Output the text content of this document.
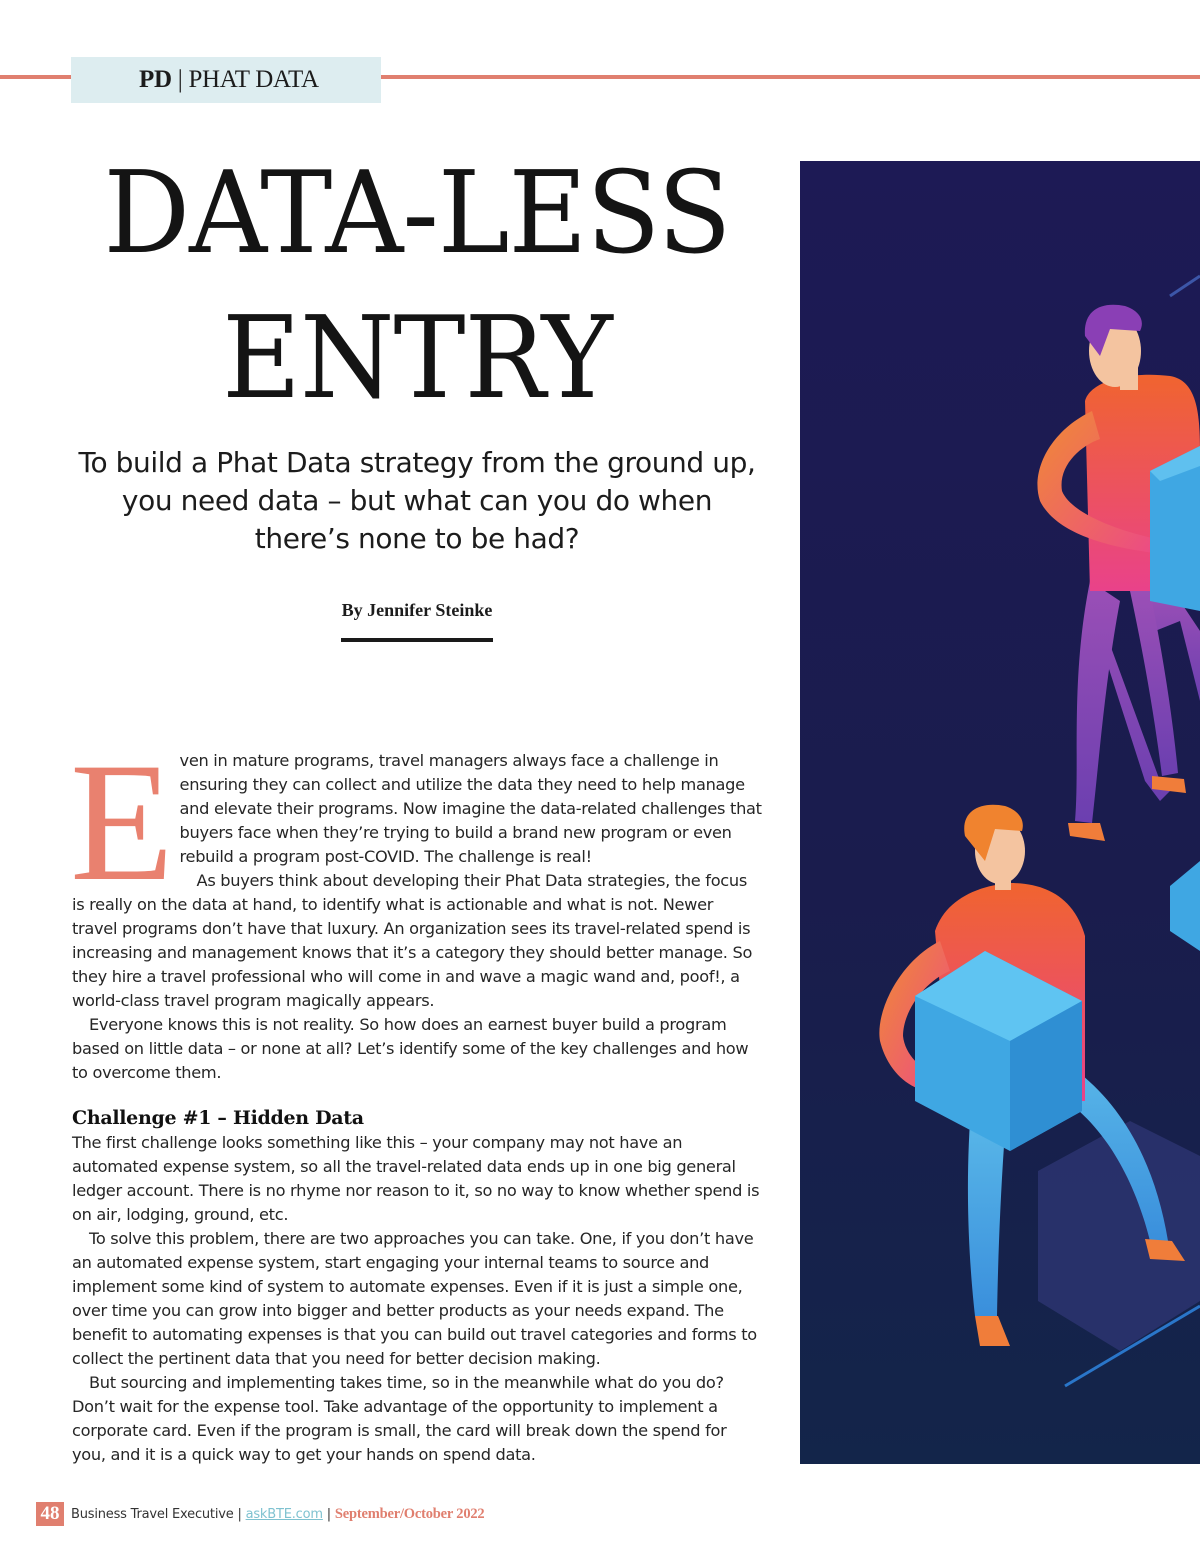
PD | PHAT DATA
DATA-LESS
ENTRY
To build a Phat Data strategy from the ground up, you need data – but what can you do when there’s none to be had?
By Jennifer Steinke
E ven in mature programs, travel managers always face a challenge in ensuring they can collect and utilize the data they need to help manage and elevate their programs. Now imagine the data-related challenges that buyers face when they’re trying to build a brand new program or even rebuild a program post-COVID. The challenge is real!

As buyers think about developing their Phat Data strategies, the focus is really on the data at hand, to identify what is actionable and what is not. Newer travel programs don’t have that luxury. An organization sees its travel-related spend is increasing and management knows that it’s a category they should better manage. So they hire a travel professional who will come in and wave a magic wand and, poof!, a world-class travel program magically appears.

Everyone knows this is not reality. So how does an earnest buyer build a program based on little data – or none at all? Let’s identify some of the key challenges and how to overcome them.

Challenge #1 – Hidden Data

The first challenge looks something like this – your company may not have an automated expense system, so all the travel-related data ends up in one big general ledger account. There is no rhyme nor reason to it, so no way to know whether spend is on air, lodging, ground, etc.

To solve this problem, there are two approaches you can take. One, if you don’t have an automated expense system, start engaging your internal teams to source and implement some kind of system to automate expenses. Even if it is just a simple one, over time you can grow into bigger and better products as your needs expand. The benefit to automating expenses is that you can build out travel categories and forms to collect the pertinent data that you need for better decision making.

But sourcing and implementing takes time, so in the meanwhile what do you do? Don’t wait for the expense tool. Take advantage of the opportunity to implement a corporate card. Even if the program is small, the card will break down the spend for you, and it is a quick way to get your hands on spend data.

48 Business Travel Executive | askBTE.com | September/October 2022
